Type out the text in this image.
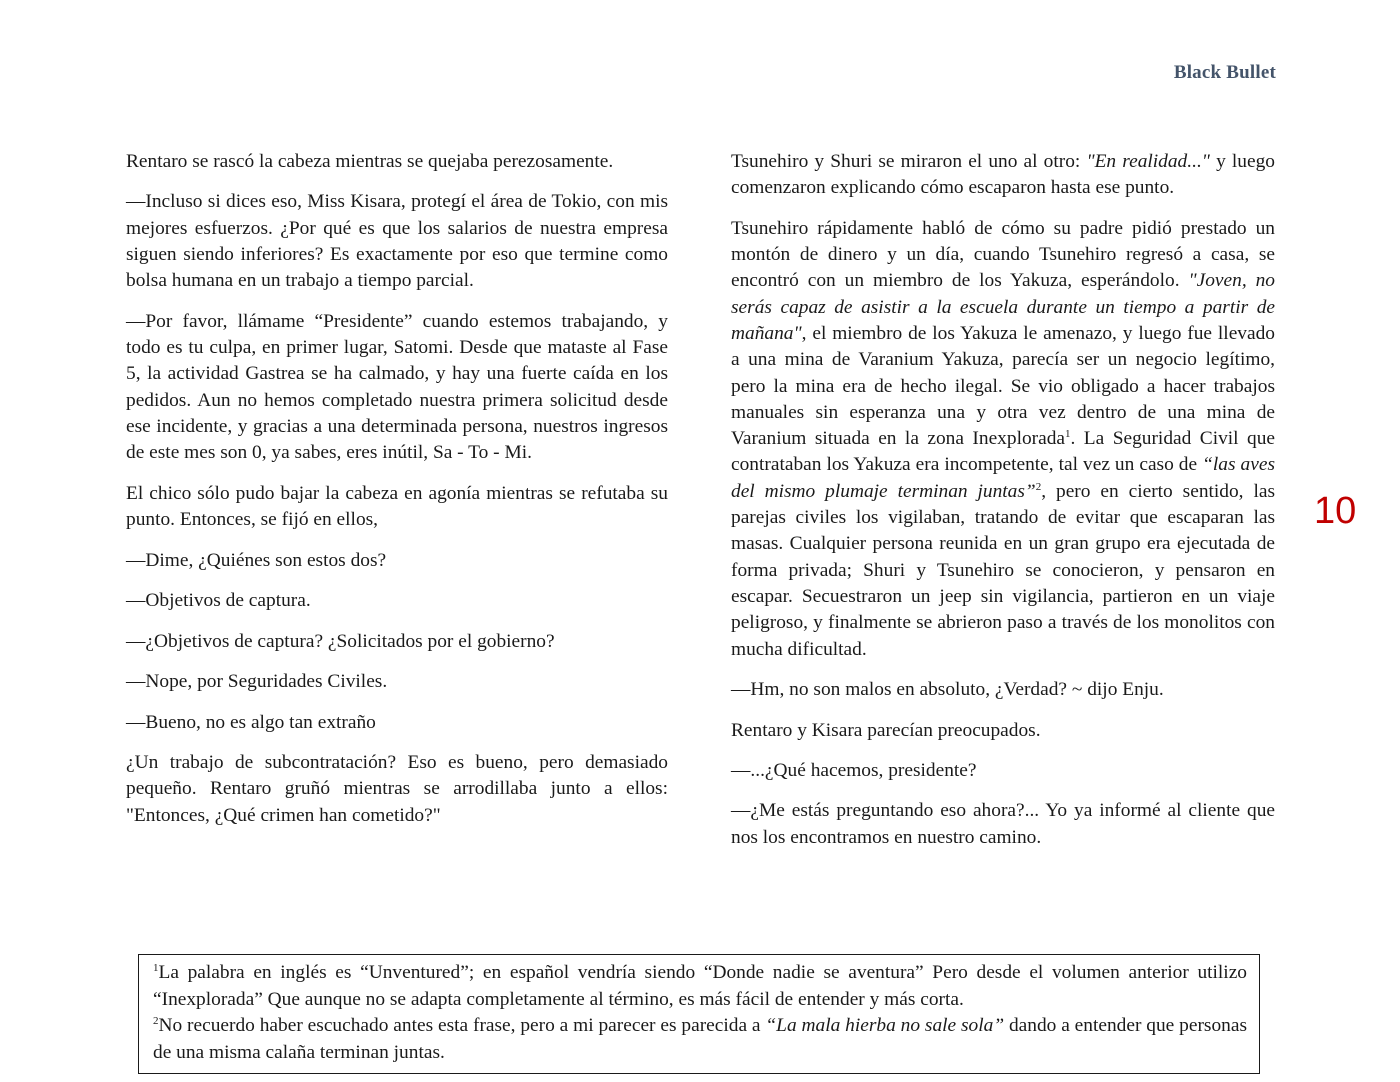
Black Bullet
10

Rentaro se rascó la cabeza mientras se quejaba perezosamente.

—Incluso si dices eso, Miss Kisara, protegí el área de Tokio, con mis mejores esfuerzos. ¿Por qué es que los salarios de nuestra empresa siguen siendo inferiores? Es exactamente por eso que termine como bolsa humana en un trabajo a tiempo parcial.

—Por favor, llámame “Presidente” cuando estemos trabajando, y todo es tu culpa, en primer lugar, Satomi. Desde que mataste al Fase 5, la actividad Gastrea se ha calmado, y hay una fuerte caída en los pedidos. Aun no hemos completado nuestra primera solicitud desde ese incidente, y gracias a una determinada persona, nuestros ingresos de este mes son 0, ya sabes, eres inútil, Sa - To - Mi.

El chico sólo pudo bajar la cabeza en agonía mientras se refutaba su punto. Entonces, se fijó en ellos,

—Dime, ¿Quiénes son estos dos?

—Objetivos de captura.

—¿Objetivos de captura? ¿Solicitados por el gobierno?

—Nope, por Seguridades Civiles.

—Bueno, no es algo tan extraño

¿Un trabajo de subcontratación? Eso es bueno, pero demasiado pequeño. Rentaro gruñó mientras se arrodillaba junto a ellos: "Entonces, ¿Qué crimen han cometido?"

Tsunehiro y Shuri se miraron el uno al otro: "En realidad..." y luego comenzaron explicando cómo escaparon hasta ese punto.

Tsunehiro rápidamente habló de cómo su padre pidió prestado un montón de dinero y un día, cuando Tsunehiro regresó a casa, se encontró con un miembro de los Yakuza, esperándolo. "Joven, no serás capaz de asistir a la escuela durante un tiempo a partir de mañana", el miembro de los Yakuza le amenazo, y luego fue llevado a una mina de Varanium Yakuza, parecía ser un negocio legítimo, pero la mina era de hecho ilegal. Se vio obligado a hacer trabajos manuales sin esperanza una y otra vez dentro de una mina de Varanium situada en la zona Inexplorada$^1$. La Seguridad Civil que contrataban los Yakuza era incompetente, tal vez un caso de “las aves del mismo plumaje terminan juntas”$^2$, pero en cierto sentido, las parejas civiles los vigilaban, tratando de evitar que escaparan las masas. Cualquier persona reunida en un gran grupo era ejecutada de forma privada; Shuri y Tsunehiro se conocieron, y pensaron en escapar. Secuestraron un jeep sin vigilancia, partieron en un viaje peligroso, y finalmente se abrieron paso a través de los monolitos con mucha dificultad.

—Hm, no son malos en absoluto, ¿Verdad? ~ dijo Enju.

Rentaro y Kisara parecían preocupados.

—...¿Qué hacemos, presidente?

—¿Me estás preguntando eso ahora?... Yo ya informé al cliente que nos los encontramos en nuestro camino.

$^1$La palabra en inglés es “Unventured”; en español vendría siendo “Donde nadie se aventura” Pero desde el volumen anterior utilizo “Inexplorada” Que aunque no se adapta completamente al término, es más fácil de entender y más corta.

$^2$No recuerdo haber escuchado antes esta frase, pero a mi parecer es parecida a “La mala hierba no sale sola” dando a entender que personas de una misma calaña terminan juntas.
